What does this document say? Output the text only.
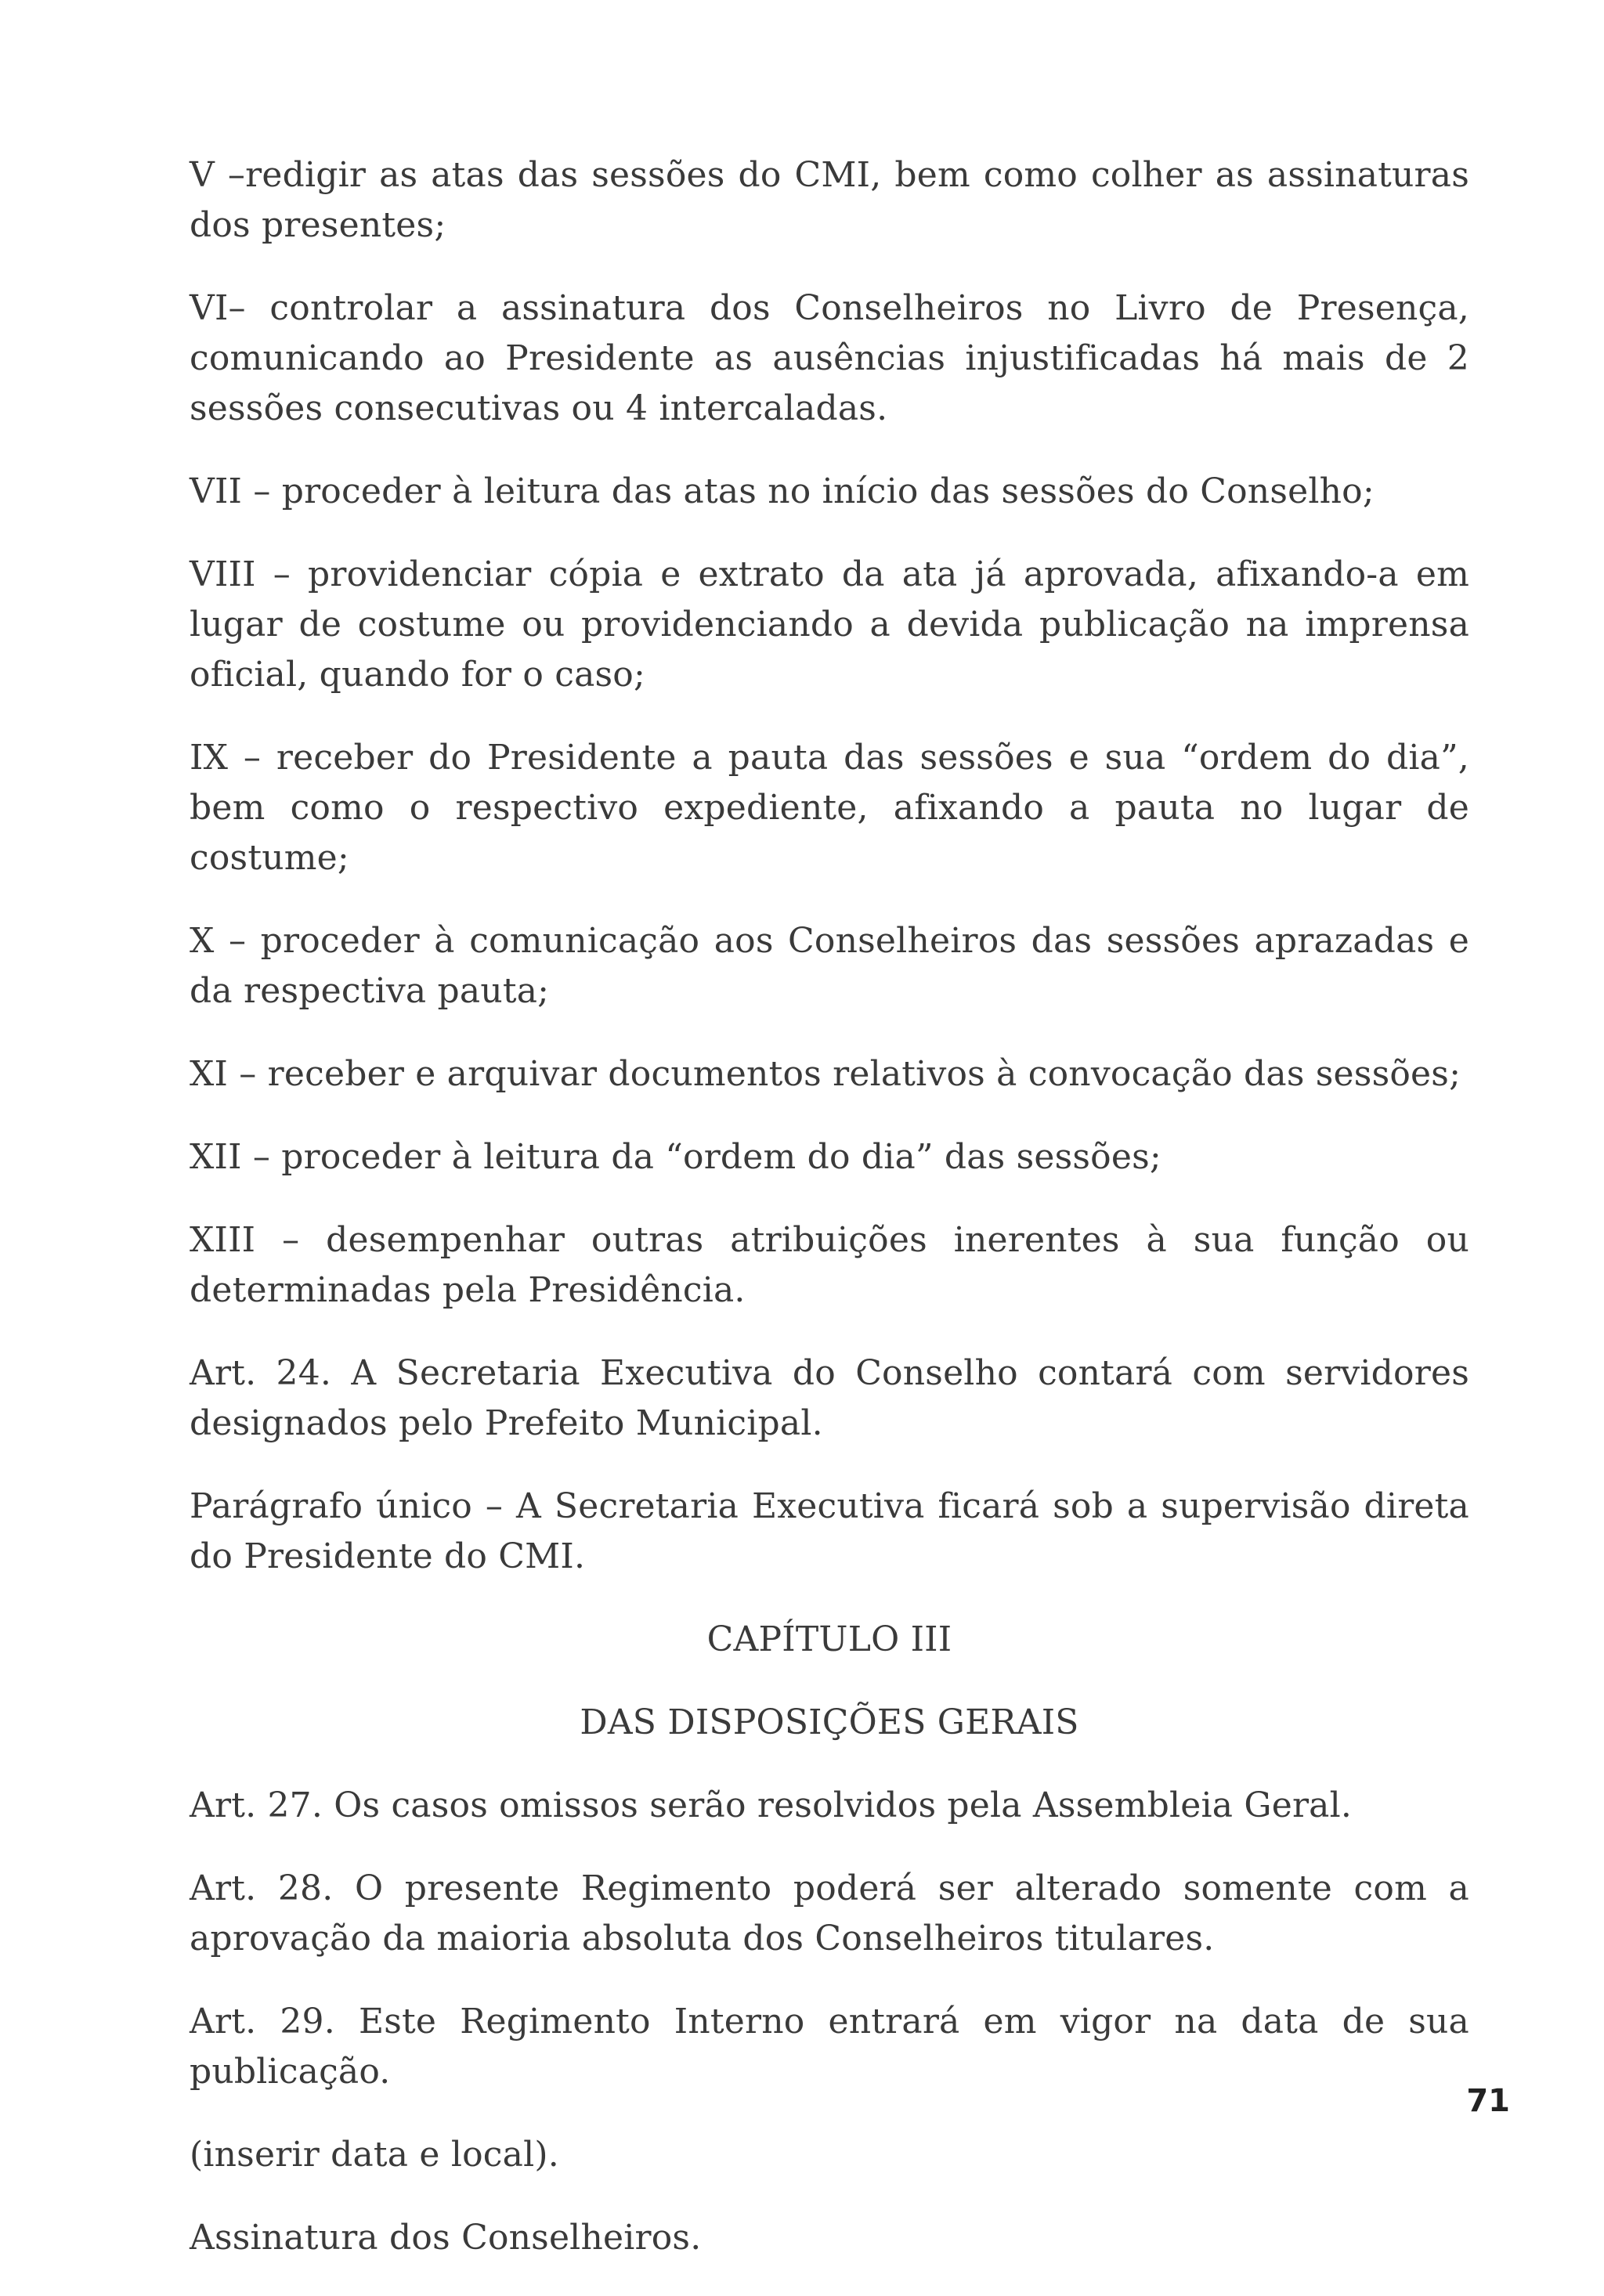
V –redigir as atas das sessões do CMI, bem como colher as assinaturas dos presentes;

VI– controlar a assinatura dos Conselheiros no Livro de Presença, comunicando ao Presidente as ausências injustificadas há mais de 2 sessões consecutivas ou 4 intercaladas.

VII – proceder à leitura das atas no início das sessões do Conselho;

VIII – providenciar cópia e extrato da ata já aprovada, afixando-a em lugar de costume ou providenciando a devida publicação na imprensa oficial, quando for o caso;

IX – receber do Presidente a pauta das sessões e sua “ordem do dia”, bem como o respectivo expediente, afixando a pauta no lugar de costume;

X – proceder à comunicação aos Conselheiros das sessões aprazadas e da respectiva pauta;

XI – receber e arquivar documentos relativos à convocação das sessões;

XII – proceder à leitura da “ordem do dia” das sessões;

XIII – desempenhar outras atribuições inerentes à sua função ou determinadas pela Presidência.

Art. 24. A Secretaria Executiva do Conselho contará com servidores designados pelo Prefeito Municipal.

Parágrafo único – A Secretaria Executiva ficará sob a supervisão direta do Presidente do CMI.

CAPÍTULO III

DAS DISPOSIÇÕES GERAIS

Art. 27. Os casos omissos serão resolvidos pela Assembleia Geral.

Art. 28. O presente Regimento poderá ser alterado somente com a aprovação da maioria absoluta dos Conselheiros titulares.

Art. 29. Este Regimento Interno entrará em vigor na data de sua publicação.

(inserir data e local).

Assinatura dos Conselheiros.

71
